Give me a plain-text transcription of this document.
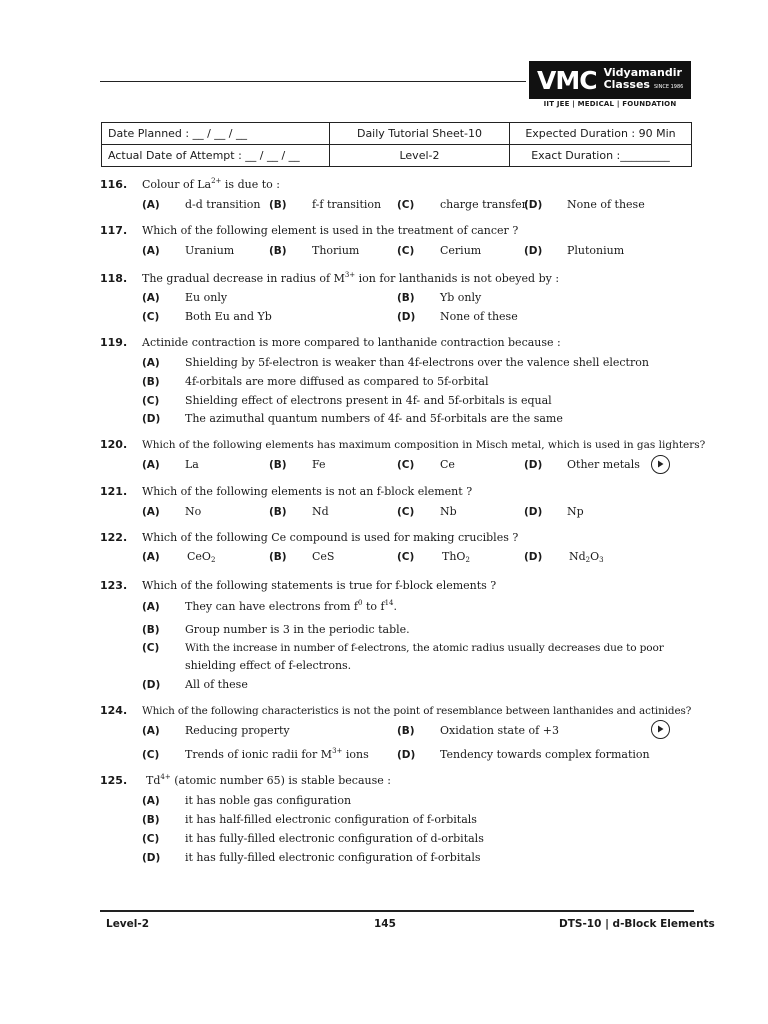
VMC Vidyamandir
Classes SINCE 1986
IIT JEE | MEDICAL | FOUNDATION
Date Planned : __ / __ / __	Daily Tutorial Sheet-10	Expected Duration : 90 Min
Actual Date of Attempt : __ / __ / __	Level-2	Exact Duration :_________
116. Colour of $La^{2+}$ is due to :
(A) d-d transition (B) f-f transition (C) charge transfer
(D) None of these
117. Which of the following element is used in the treatment of cancer ?
(A) Uranium	(B) Thorium	(C) Cerium	(D) Plutonium
118. The gradual decrease in radius of $M^{3+}$ ion for lanthanids is not obeyed by :
(A) Eu only	(B) Yb only
(C) Both Eu and Yb	(D) None of these
119. Actinide contraction is more compared to lanthanide contraction because :
(A) Shielding by 5f-electron is weaker than 4f-electrons over the valence shell electron
(B) 4f-orbitals are more diffused as compared to 5f-orbital
(C) Shielding effect of electrons present in 4f- and 5f-orbitals is equal
(D) The azimuthal quantum numbers of 4f- and 5f-orbitals are the same
120. Which of the following elements has maximum composition in Misch metal, which is used in gas lighters?
(A) La	(B) Fe	(C) Ce	(D) Other metals
121. Which of the following elements is not an f-block element ?
(A) No	(B) Nd	(C) Nb	(D) Np
122. Which of the following Ce compound is used for making crucibles ?
(A) CeO$_2$	(B) CeS	(C)	ThO$_2$	(D) $Nd_2O_3$
123. Which of the following statements is true for f-block elements ?
(A) They can have electrons from $f^0$ to $f^{14}$.
(B) Group number is 3 in the periodic table.
(C) With the increase in number of f-electrons, the atomic radius usually decreases due to poor
shielding effect of f-electrons.
(D) All of these
124. Which of the following characteristics is not the point of resemblance between lanthanides and actinides?
(A) Reducing property	(B) Oxidation state of +3
(C) Trends of ionic radii for $M^{3+}$ ions	(D) Tendency towards complex formation
125. $Td^{4+}$ (atomic number 65) is stable because :
(A) it has noble gas configuration
(B) it has half-filled electronic configuration of f-orbitals
(C) it has fully-filled electronic configuration of d-orbitals
(D) it has fully-filled electronic configuration of f-orbitals
Level-2	145	DTS-10 | d-Block Elements
